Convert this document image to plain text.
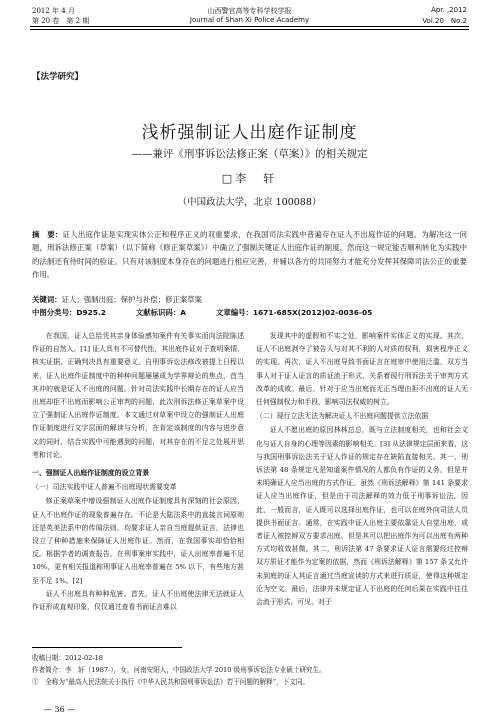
2012 年 4 月
第 20 卷　第 2 期
山西警官高等专科学校学报
Journal of Shan Xi Police Academy
Apr. ,2012
Vol.20　No.2
【法学研究】
浅析强制证人出庭作证制度
——兼评《刑事诉讼法修正案（草案）》的相关规定
□李　轩
（中国政法大学，北京 100088）
摘　要：证人出庭作证是实现实体公正和程序正义的双重要求，在我国司法实践中普遍存在证人不出庭作证的问题。为解决这一问题，刑诉法修正案（草案）（以下简称《修正案草案》）中确立了强制关键证人出庭作证的制度，然而这一规定能否顺利转化为实践中的法制还有待时间的验证。只有对该制度本身存在的问题进行相应完善，并辅以各方的共同努力才能充分发挥其保障司法公正的重要作用。
关键词：证人；强制出庭；保护与补偿；修正案草案
中图分类号：D925.2	文献标识码：A	文章编号：1671-685X(2012)02-0036-05

在我国，证人总给凭其亲身体验感知案件有关事实而向法院陈述作证的自然人。[1] 证人具有不可替代性，其出庭作证对于查明案情、核实证据、正确判决具有重要意义。自刑事诉讼法修改被提上日程以来，证人出庭作证制度中的种种问题屡屡成为学界辩论的焦点，首当其冲的就是证人不出庭的问题。针对司法实践中长期存在的证人应当出庭却拒不出庭而影响公正审判的问题，此次刑诉法修正案草案中设立了强制证人出庭作证制度。本文通过对草案中设立的强制证人出庭作证制度进行文字层面的解读与分析，在肯定该制度的内容与进步意义的同时，结合实践中可能遇到的问题，对其存在的不足之处展开思考和讨论。

一、强制证人出庭作证制度的设立背景
（一）司法实践中证人普遍不出庭现状需要变革

修正案草案中增设强制证人出庭作证制度具有深刻的社会原因，证人不出庭作证的现象普遍存在。不论是大陆法系中的直接言词原则还是英美法系中的传闻法则，均要求证人亲自当庭提供证言，法律也设立了种种措施来保障证人出庭作证。然而，在我国事实却恰恰相反。根据学者的调查报告，在刑事案审实践中，证人出庭率普遍不足 10%，更有相关报道称刑事证人出庭率普遍在 5% 以下，有些地方甚至不足 1%。[2]

证人不出庭具有种种危害。首先，证人不出庭使法律无法就证人作证形成直观印象，仅仅通过查看书面证言难以

发现其中的虚假和不实之处，影响案件实体正义的实现。其次，证人不出庭剥夺了被告人与对其不利的人对质的权利，损害程序正义的实现。再次，证人不出庭导致书面证言在庭审中使用泛滥，双方当事人对于证人证言的质证流于形式，关系着现行刑诉法关于审判方式改革的成败。最后，针对于应当出庭而无正当理由拒不出庭的证人无任何强制权力和手段，影响司法权威的树立。

（二）现行立法无法为解决证人不出庭问题提供立法依据

证人不愿出庭的原因林林总总，既与立法制度相关，也和社会文化与证人自身的心理等因素的影响相关。[3] 从法律规定层面来看，这与我国刑事诉讼法关于证人作证的规定存在缺陷直接相关。其一，刑诉法第 48 条规定凡是知道案件情况的人都负有作证的义务，但是并未明确证人应当出庭的方式作证。虽然《刑诉法解释》第 141 条要求证人应当出庭作证，但是由于司法解释的效力低于刑事诉讼法，因此，一般而言，证人既可以选择出庭作证，也可以在庭外向司法人员提供书面证言。通常，在实践中证人出庭主要依靠证人自觉出庭，或者证人被控辩双方要求出庭，但是其可以把出庭作为可以出庭有两种方式均收效甚微。其二，刑诉法第 47 条要求证人证言需要经过控辩双方质证才能作为定案的依据，然而《刑诉法解释》第 157 条又允许未到庭的证人其证言通过当庭宣读的方式来进行质证，使得这种规定沦为空文。最后，法律并未规定证人不出庭的任何后果在实践中往往会流于形式，可见，对于

收稿日期：2012-02-18
作者简介：李　轩（1987-），女，河南安阳人，中国政法大学 2010 级刑事诉讼法专业硕士研究生。
①　全称为“最高人民法院关于执行《中华人民共和国刑事诉讼法》若干问题的解释”，下文同。
— 36 —
